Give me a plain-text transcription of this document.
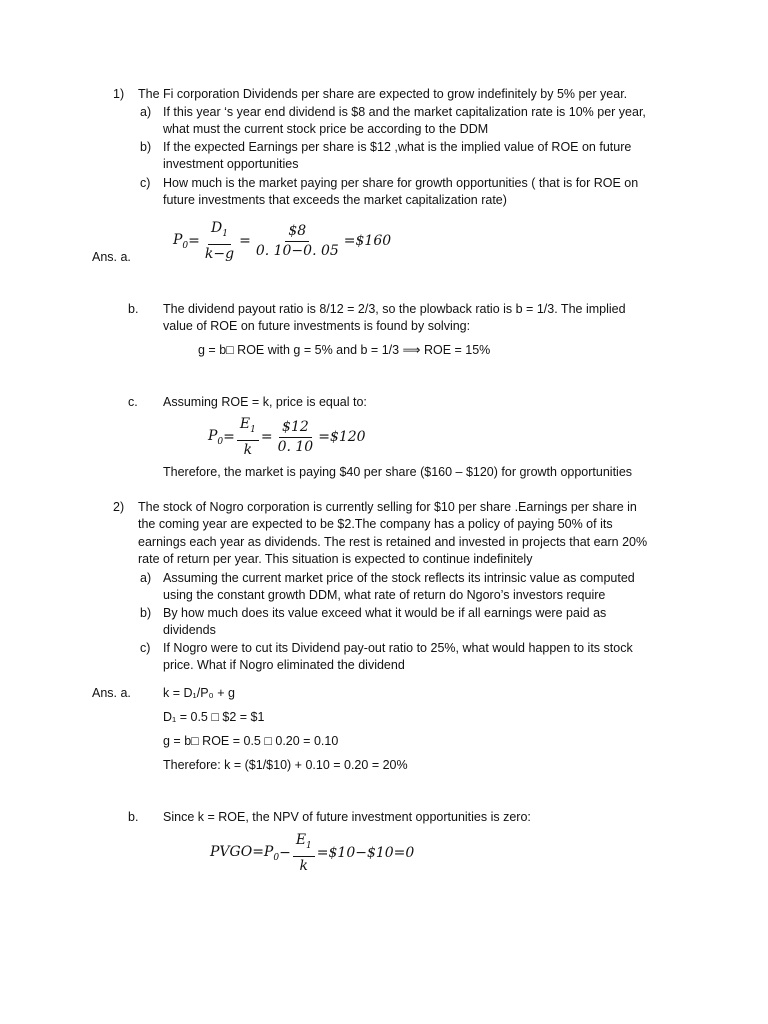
1) The Fi corporation Dividends per share are expected to grow indefinitely by 5% per year.
a) If this year ‘s year end dividend is $8 and the market capitalization rate is 10% per year,
what must the current stock price be according to the DDM
b) If the expected Earnings per share is $12 ,what is the implied value of ROE on future
investment opportunities
c) How much is the market paying per share for growth opportunities ( that is for ROE on
future investments that exceeds the market capitalization rate)
$P_0 = \frac{D_1}{k-g} = \frac{\$8}{0. 10-0. 05}$ =$160
Ans. a.
b. The dividend payout ratio is 8/12 = 2/3, so the plowback ratio is b = 1/3. The implied
value of ROE on future investments is found by solving:
g = b□ ROE with g = 5% and b = 1/3 ⟹ ROE = 15%
c. Assuming ROE = k, price is equal to:
$P_0 = \frac{E_1}{k} = \frac{\$12}{0. 10}$ =$120
Therefore, the market is paying $40 per share ($160 – $120) for growth opportunities
2) The stock of Nogro corporation is currently selling for $10 per share .Earnings per share in
the coming year are expected to be $2.The company has a policy of paying 50% of its
earnings each year as dividends. The rest is retained and invested in projects that earn 20%
rate of return per year. This situation is expected to continue indefinitely
a) Assuming the current market price of the stock reflects its intrinsic value as computed
using the constant growth DDM, what rate of return do Ngoro’s investors require
b) By how much does its value exceed what it would be if all earnings were paid as
dividends
c) If Nogro were to cut its Dividend pay-out ratio to 25%, what would happen to its stock
price. What if Nogro eliminated the dividend
Ans. a.	k = D₁/P₀ + g
D₁ = 0.5 □ $2 = $1
g = b□ ROE = 0.5 □ 0.20 = 0.10
Therefore: k = ($1/$10) + 0.10 = 0.20 = 20%
b. Since k = ROE, the NPV of future investment opportunities is zero:
$PVGO=P_0 - \frac{E_1}{k}$ =$10−$10=0
